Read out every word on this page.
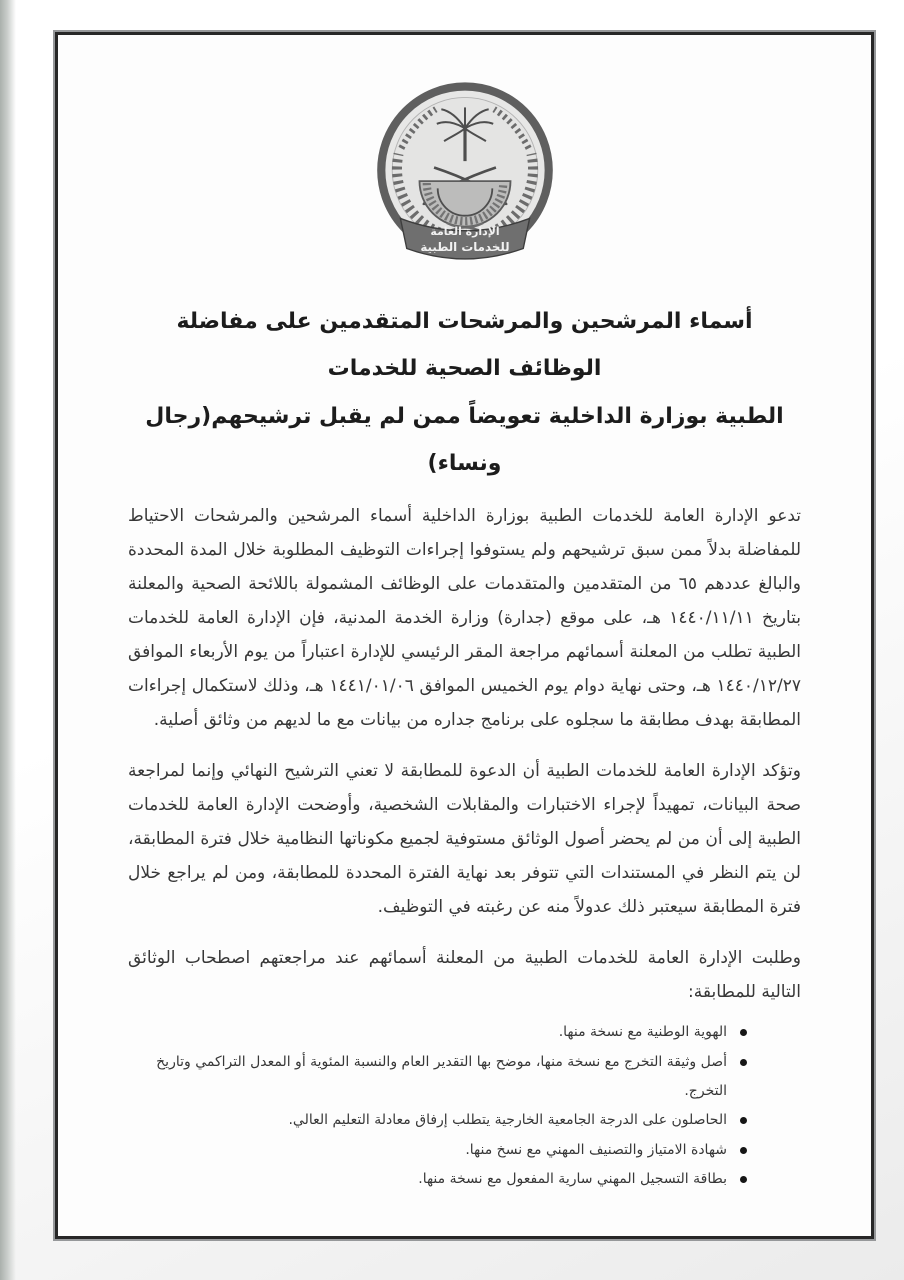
الإدارة العامة
للخدمات الطبية
أسماء المرشحين والمرشحات المتقدمين على مفاضلة الوظائف الصحية للخدمات
الطبية بوزارة الداخلية تعويضاً ممن لم يقبل ترشيحهم(رجال ونساء)

تدعو الإدارة العامة للخدمات الطبية بوزارة الداخلية أسماء المرشحين والمرشحات الاحتياط للمفاضلة بدلاً ممن سبق ترشيحهم ولم يستوفوا إجراءات التوظيف المطلوبة خلال المدة المحددة والبالغ عددهم ٦٥ من المتقدمين والمتقدمات على الوظائف المشمولة باللائحة الصحية والمعلنة بتاريخ ١٤٤٠/١١/١١ هـ، على موقع (جدارة) وزارة الخدمة المدنية، فإن الإدارة العامة للخدمات الطبية تطلب من المعلنة أسمائهم مراجعة المقر الرئيسي للإدارة اعتباراً من يوم الأربعاء الموافق ١٤٤٠/١٢/٢٧ هـ، وحتى نهاية دوام يوم الخميس الموافق ١٤٤١/٠١/٠٦ هـ، وذلك لاستكمال إجراءات المطابقة بهدف مطابقة ما سجلوه على برنامج جداره من بيانات مع ما لديهم من وثائق أصلية.

وتؤكد الإدارة العامة للخدمات الطبية أن الدعوة للمطابقة لا تعني الترشيح النهائي وإنما لمراجعة صحة البيانات، تمهيداً لإجراء الاختبارات والمقابلات الشخصية، وأوضحت الإدارة العامة للخدمات الطبية إلى أن من لم يحضر أصول الوثائق مستوفية لجميع مكوناتها النظامية خلال فترة المطابقة، لن يتم النظر في المستندات التي تتوفر بعد نهاية الفترة المحددة للمطابقة، ومن لم يراجع خلال فترة المطابقة سيعتبر ذلك عدولاً منه عن رغبته في التوظيف.

وطلبت الإدارة العامة للخدمات الطبية من المعلنة أسمائهم عند مراجعتهم اصطحاب الوثائق التالية للمطابقة:

الهوية الوطنية مع نسخة منها.
أصل وثيقة التخرج مع نسخة منها، موضح بها التقدير العام والنسبة المئوية أو المعدل التراكمي وتاريخ التخرج.
الحاصلون على الدرجة الجامعية الخارجية يتطلب إرفاق معادلة التعليم العالي.
شهادة الامتياز والتصنيف المهني مع نسخ منها.
بطاقة التسجيل المهني سارية المفعول مع نسخة منها.
